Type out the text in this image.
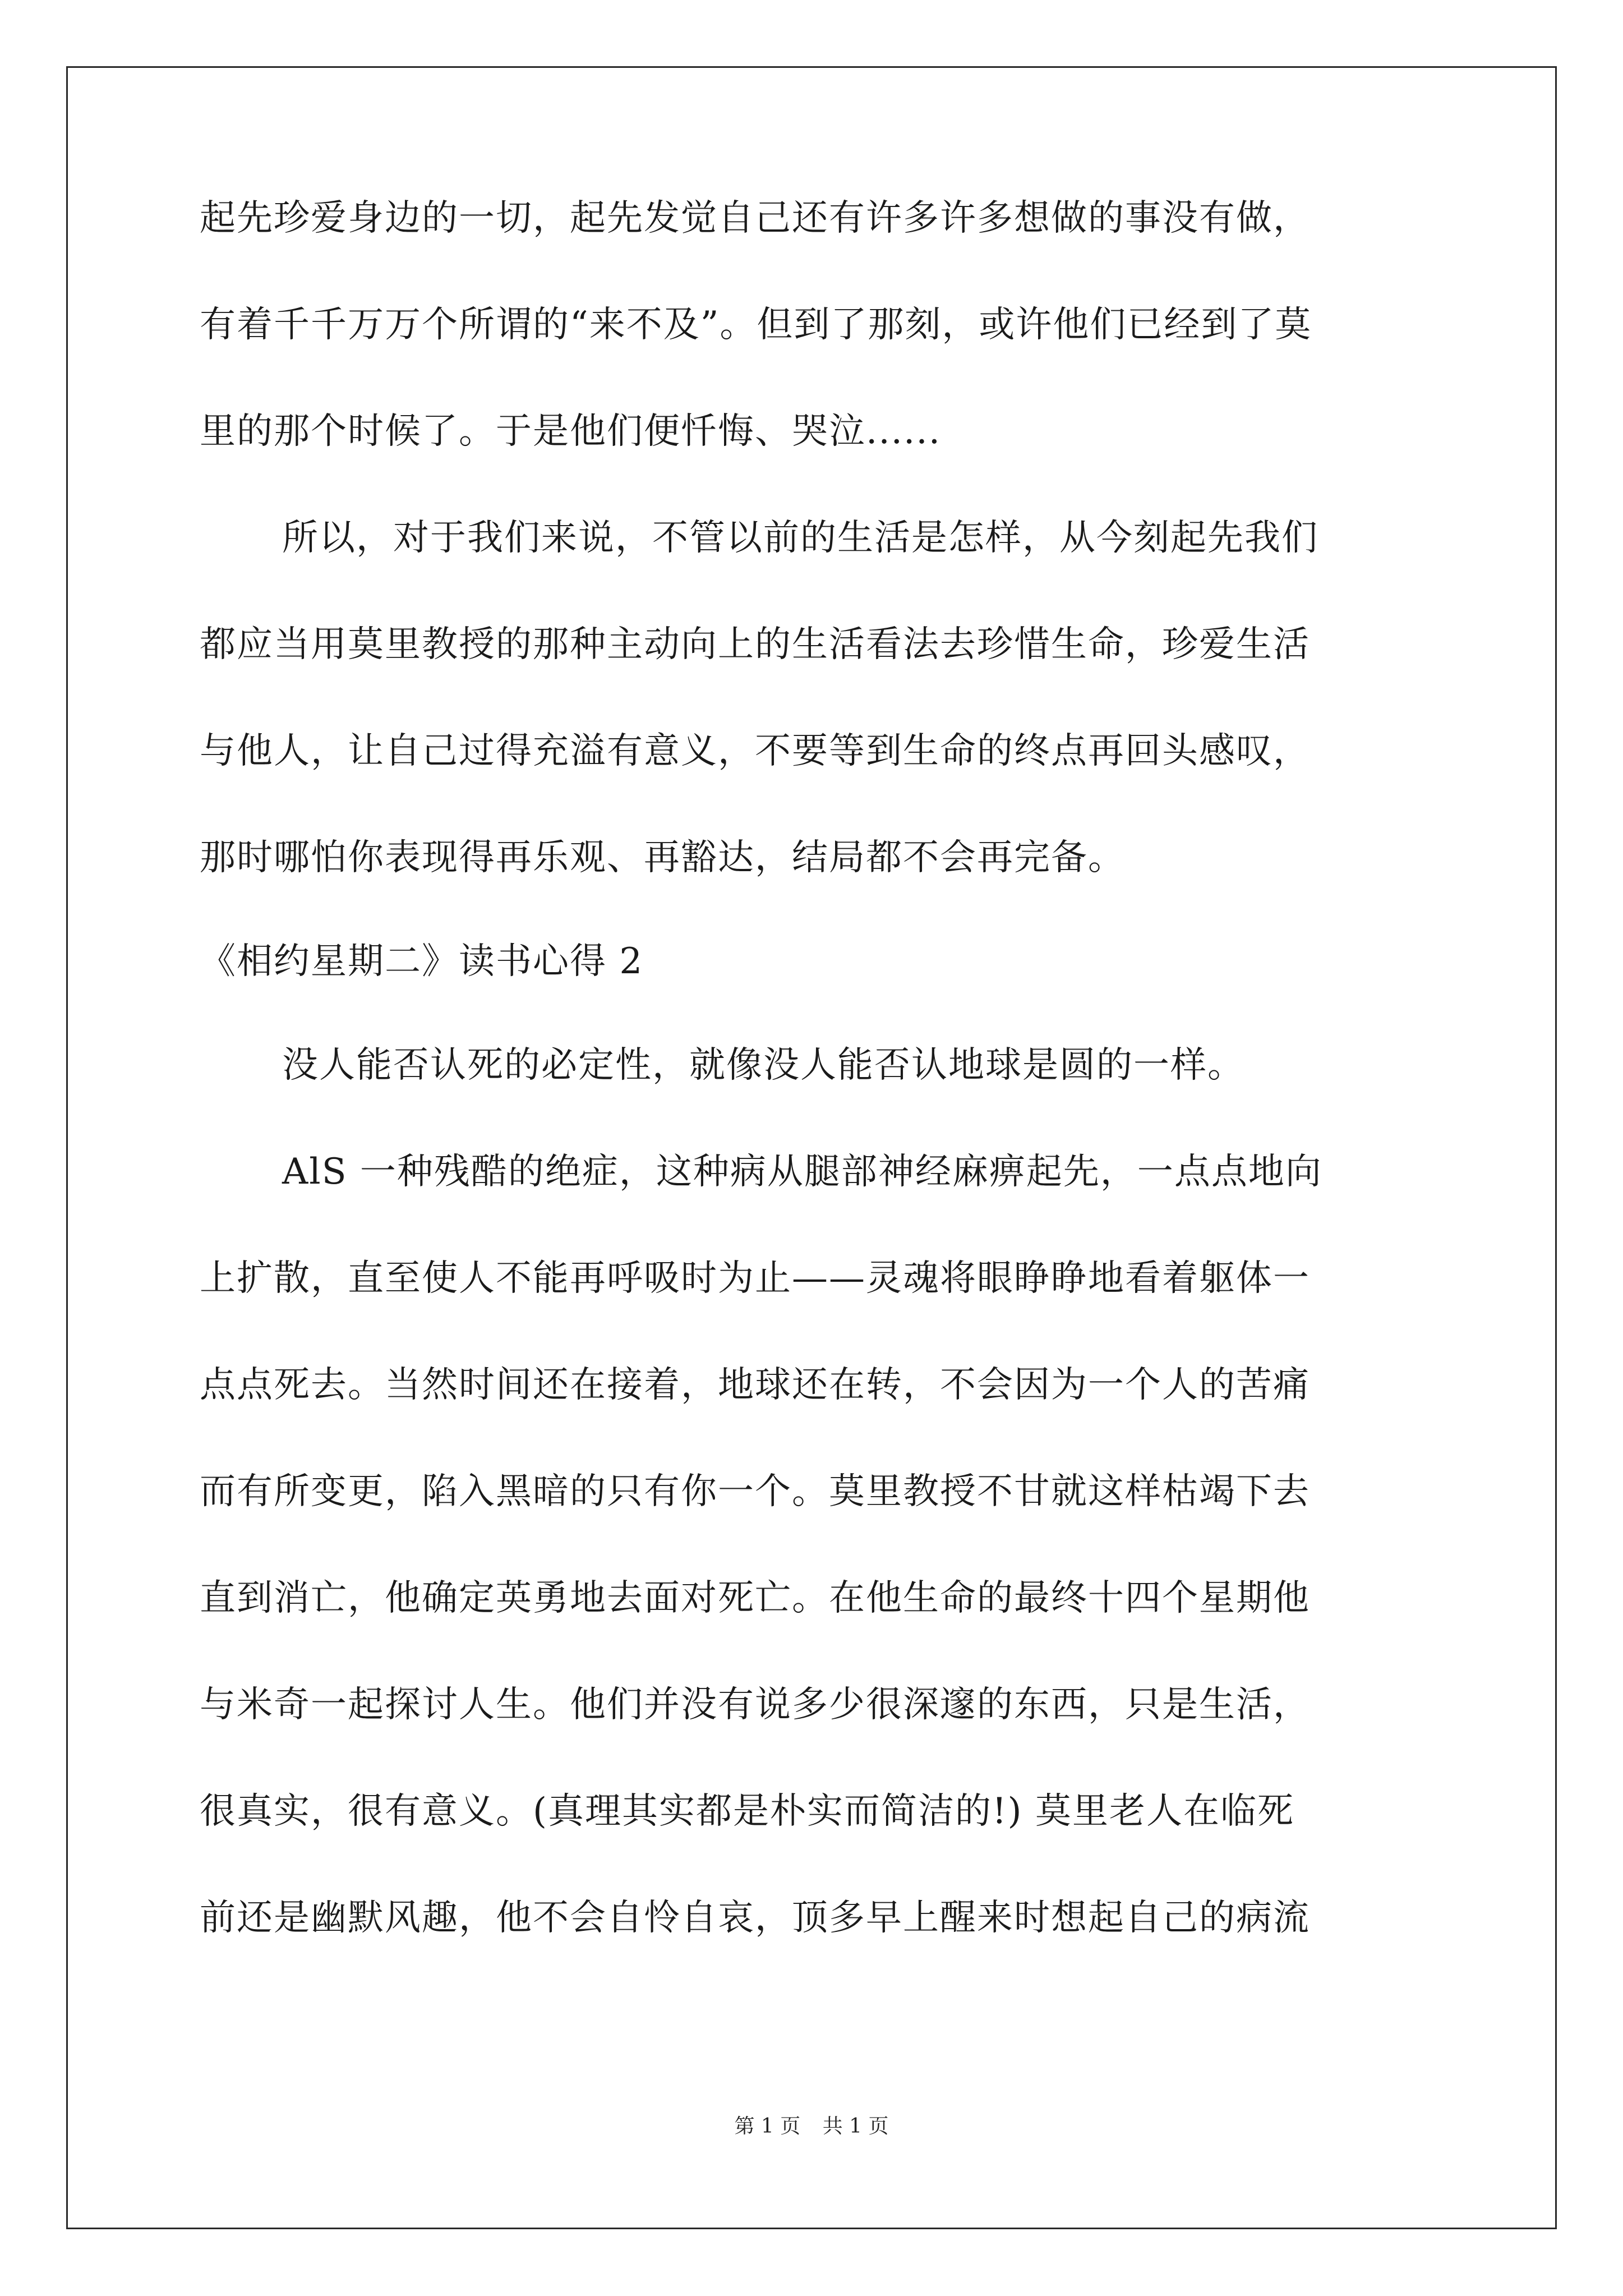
起先珍爱身边的一切，起先发觉自己还有许多许多想做的事没有做，
有着千千万万个所谓的“来不及”。但到了那刻，或许他们已经到了莫
里的那个时候了。于是他们便忏悔、哭泣......
所以，对于我们来说，不管以前的生活是怎样，从今刻起先我们
都应当用莫里教授的那种主动向上的生活看法去珍惜生命，珍爱生活
与他人，让自己过得充溢有意义，不要等到生命的终点再回头感叹，
那时哪怕你表现得再乐观、再豁达，结局都不会再完备。
《相约星期二》读书心得 2
没人能否认死的必定性，就像没人能否认地球是圆的一样。
AlS 一种残酷的绝症，这种病从腿部神经麻痹起先，一点点地向
上扩散，直至使人不能再呼吸时为止——灵魂将眼睁睁地看着躯体一
点点死去。当然时间还在接着，地球还在转，不会因为一个人的苦痛
而有所变更，陷入黑暗的只有你一个。莫里教授不甘就这样枯竭下去
直到消亡，他确定英勇地去面对死亡。在他生命的最终十四个星期他
与米奇一起探讨人生。他们并没有说多少很深邃的东西，只是生活，
很真实，很有意义。(真理其实都是朴实而简洁的!) 莫里老人在临死
前还是幽默风趣，他不会自怜自哀，顶多早上醒来时想起自己的病流
第 1 页 共 1 页
